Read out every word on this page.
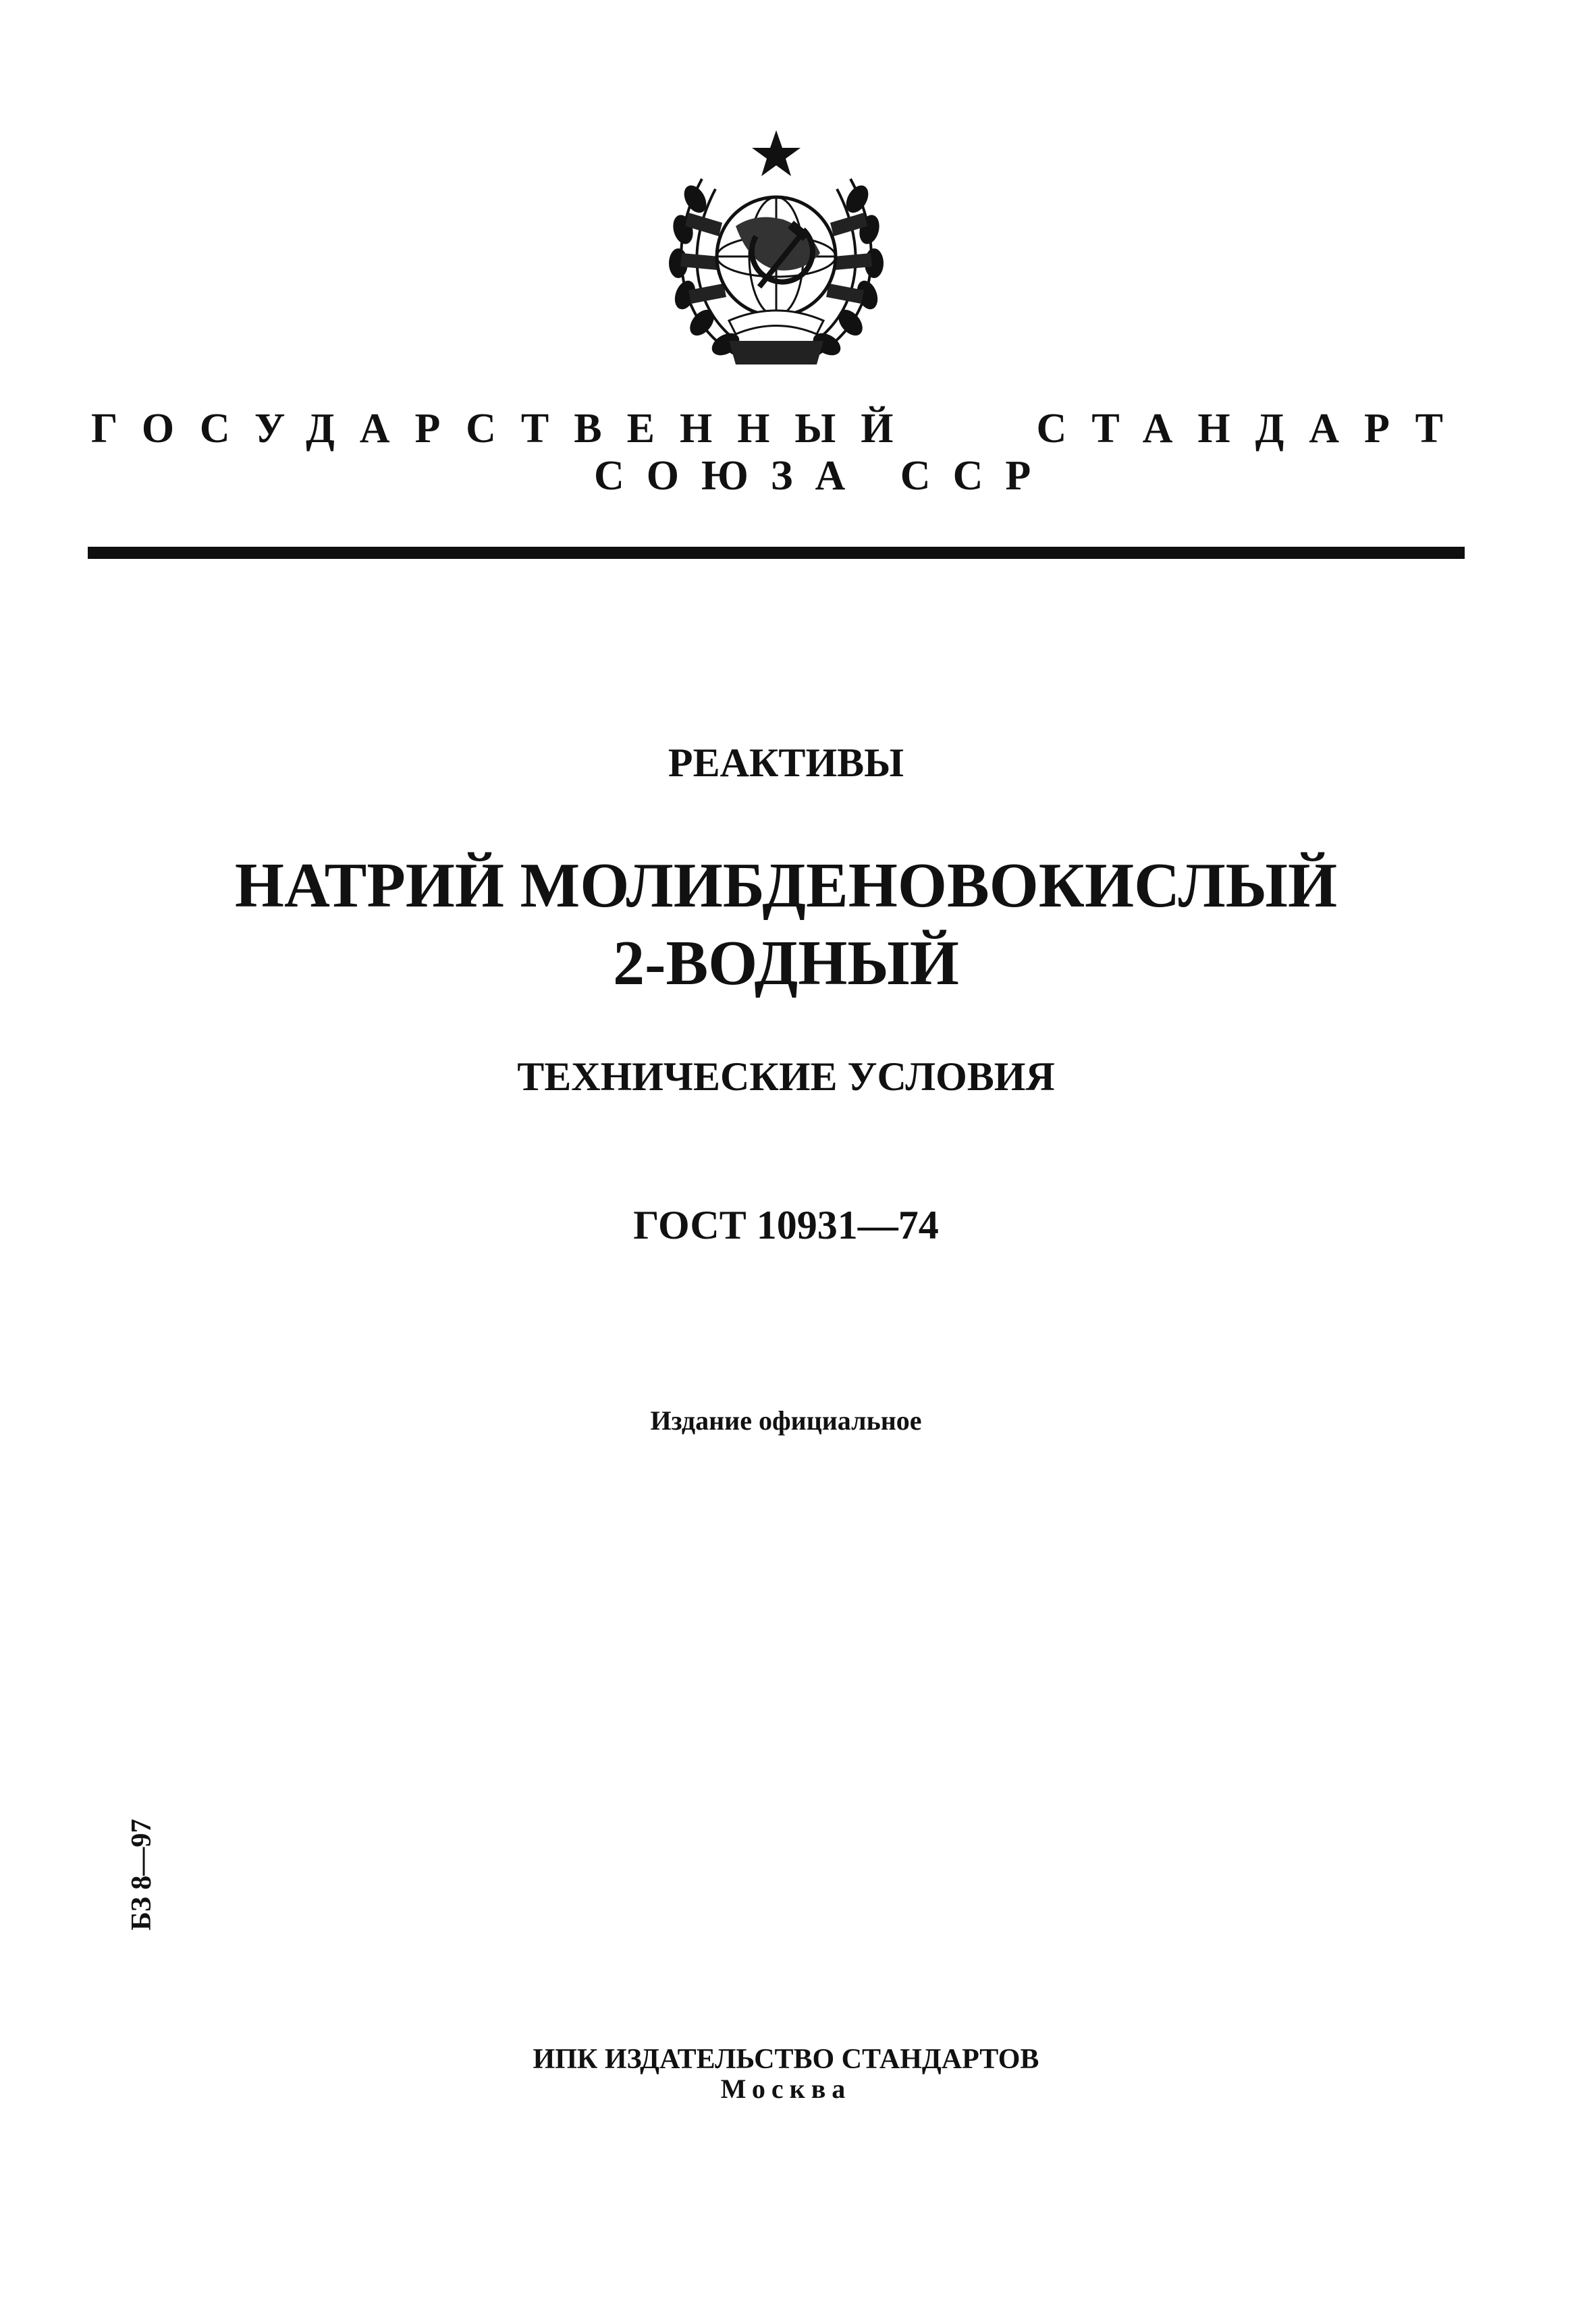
ГОСУДАРСТВЕННЫЙ	СТАНДАРТ
СОЮЗА ССР
РЕАКТИВЫ
НАТРИЙ МОЛИБДЕНОВОКИСЛЫЙ
2-ВОДНЫЙ
ТЕХНИЧЕСКИЕ УСЛОВИЯ
ГОСТ 10931—74
Издание официальное
БЗ 8—97
ИПК ИЗДАТЕЛЬСТВО СТАНДАРТОВ
Москва
